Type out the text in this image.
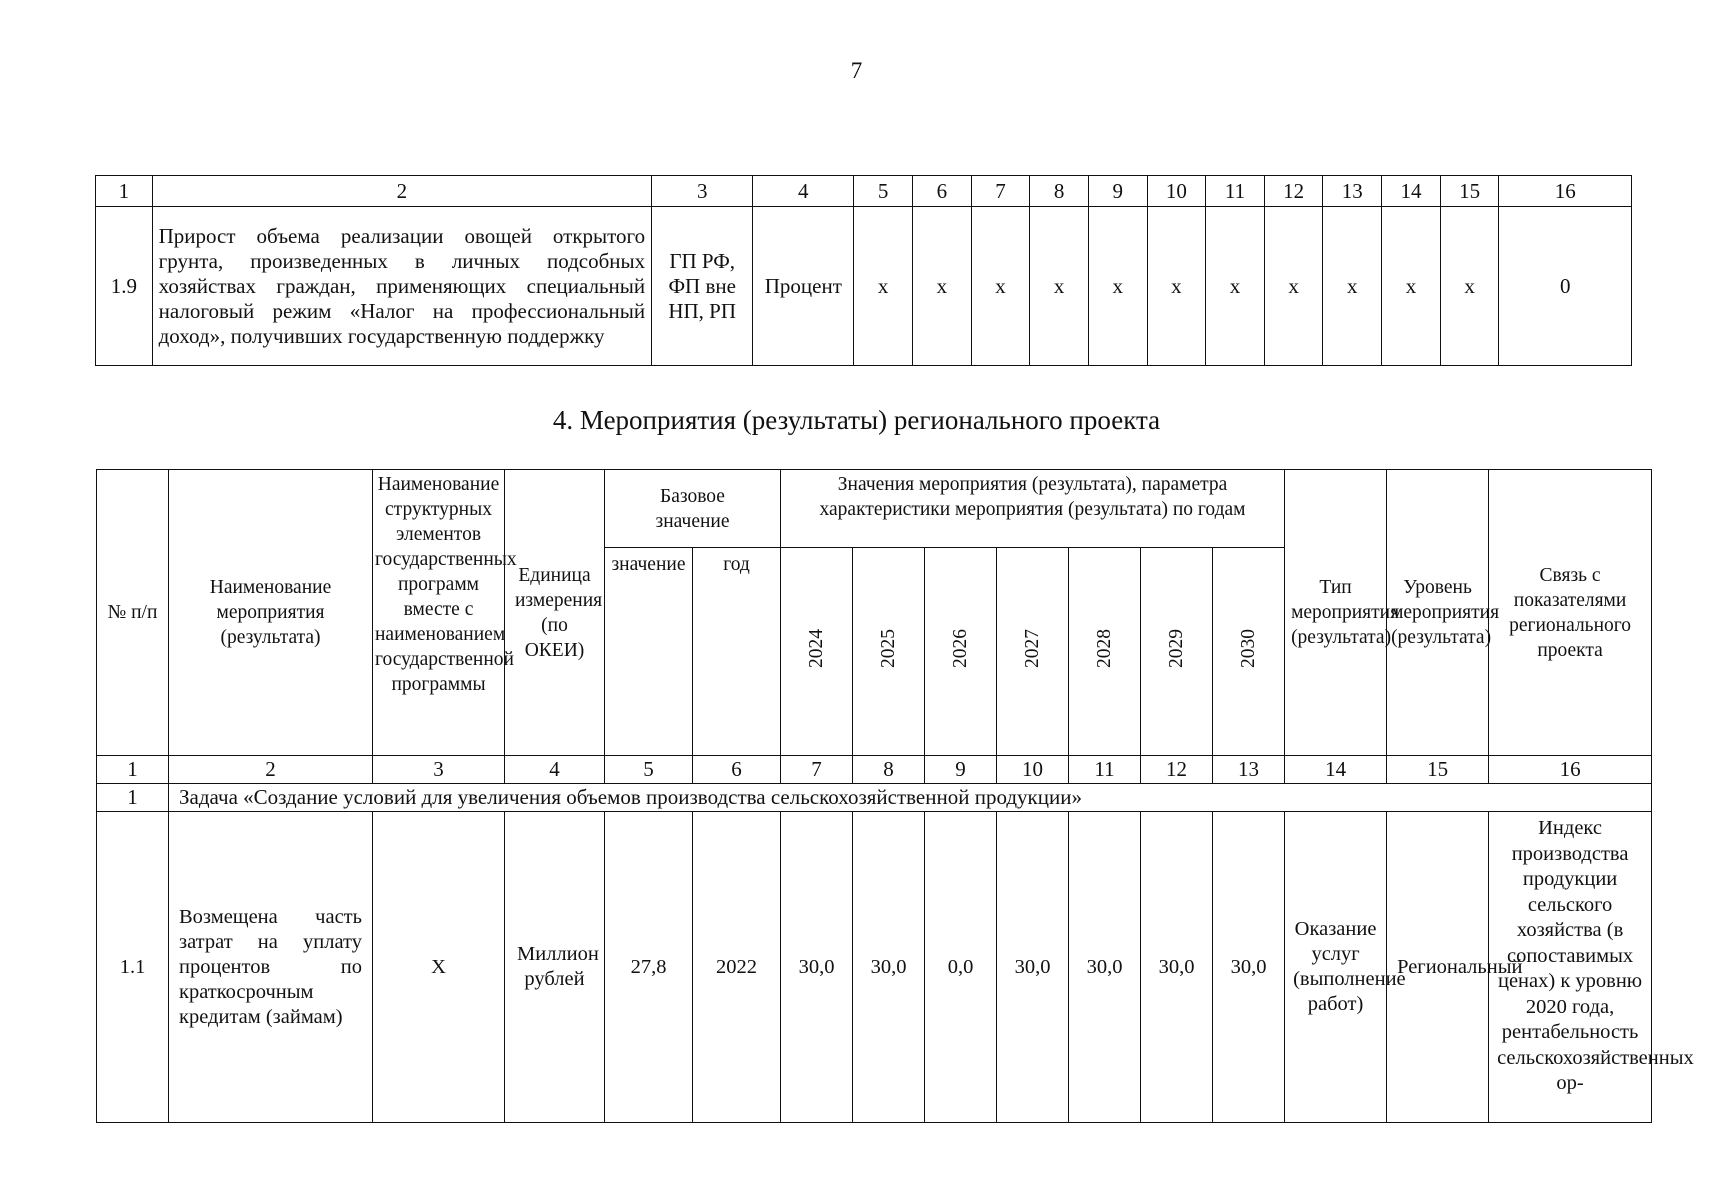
7
1	2	3	4	5	6	7	8	9	10	11	12	13	14	15	16
1.9	Прирост объема реализации овощей открытого грунта, произведенных в личных подсобных хозяйствах граждан, применяющих специальный налоговый режим «Налог на профессиональный доход», получивших государственную поддержку	ГП РФ, ФП вне НП, РП	Процент	x	x	x	x	x	x	x	x	x	x	x	0
4. Мероприятия (результаты) регионального проекта
№ п/п	Наименование мероприятия (результата)	Наименование структурных элементов государственных программ вместе с наименованием государственной программы	Единица измерения (по ОКЕИ)	Базовое значение		Значения мероприятия (результата), параметра характеристики мероприятия (результата) по годам							Тип мероприятия (результата)	Уровень мероприятия (результата)	Связь с показателями регионального проекта
				значение	год	2024	2025	2026	2027	2028	2029	2030			
1	2	3	4	5	6	7	8	9	10	11	12	13	14	15	16
1	Задача «Создание условий для увеличения объемов производства сельскохозяйственной продукции»														
1.1	Возмещена часть затрат на уплату процентов по краткосрочным кредитам (займам)	Х	Миллион рублей	27,8	2022	30,0	30,0	0,0	30,0	30,0	30,0	30,0	Оказание услуг (выполнение работ)	Региональный	Индекс производства продукции сельского хозяйства (в сопоставимых ценах) к уровню 2020 года, рентабельность сельскохозяйственных ор-
